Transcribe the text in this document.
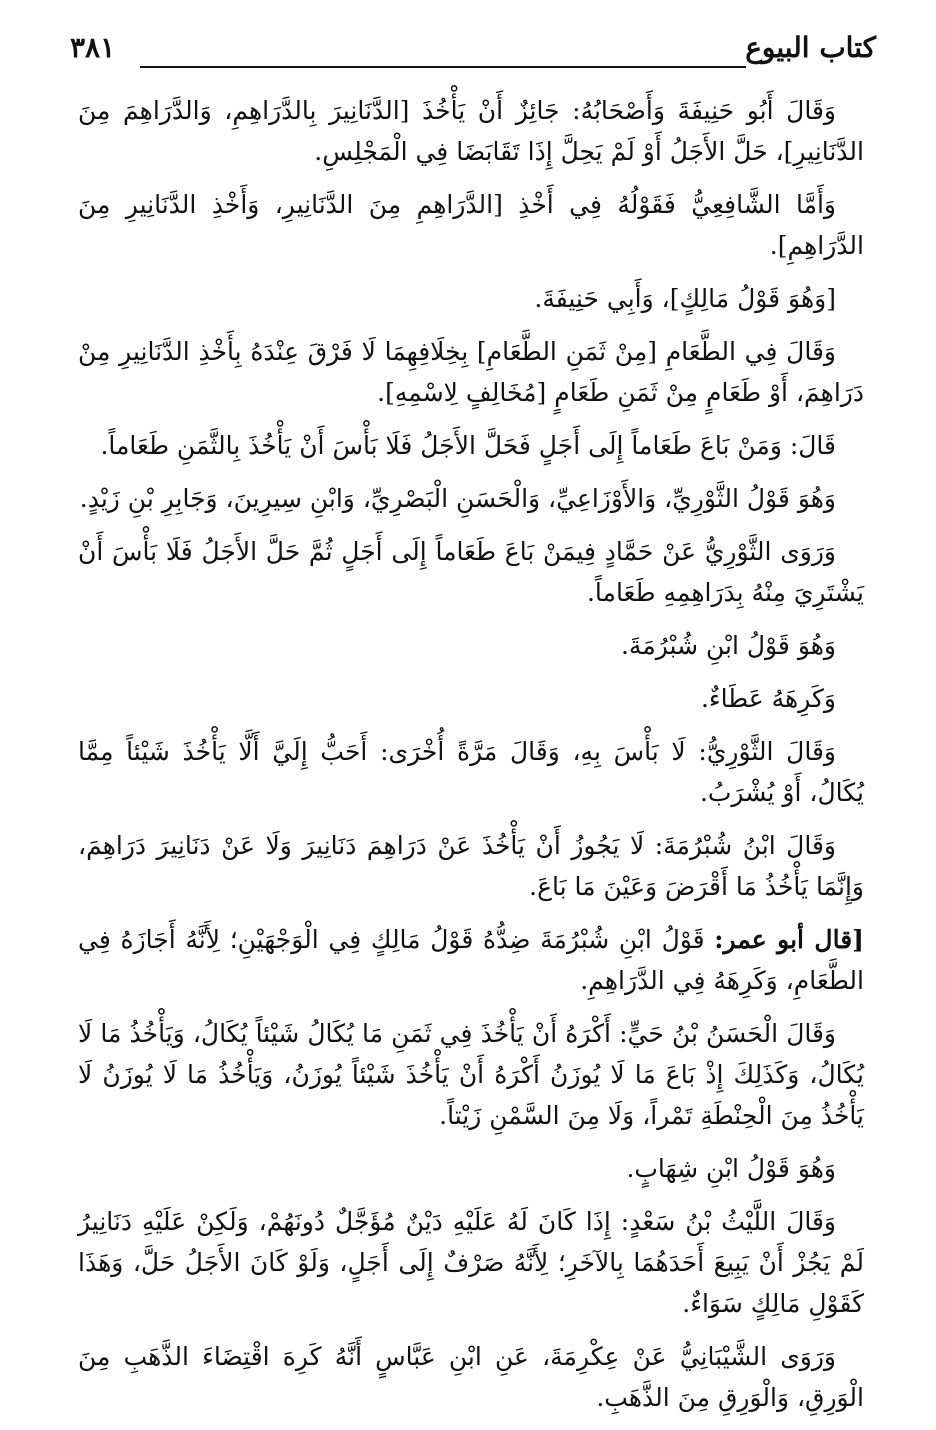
كتاب البيوع
٣٨١

وَقَالَ أَبُو حَنِيفَةَ وَأَصْحَابُهُ: جَائِزٌ أَنْ يَأْخُذَ [الدَّنَانِيرَ بِالدَّرَاهِمِ، وَالدَّرَاهِمَ مِنَ الدَّنَانِيرِ]، حَلَّ الأَجَلُ أَوْ لَمْ يَحِلَّ إِذَا تَقَابَضَا فِي الْمَجْلِسِ.

وَأَمَّا الشَّافِعِيُّ فَقَوْلُهُ فِي أَخْذِ [الدَّرَاهِمِ مِنَ الدَّنَانِيرِ، وَأَخْذِ الدَّنَانِيرِ مِنَ الدَّرَاهِمِ].

[وَهُوَ قَوْلُ مَالِكٍ]، وَأَبِي حَنِيفَةَ.

وَقَالَ فِي الطَّعَامِ [مِنْ ثَمَنِ الطَّعَامِ] بِخِلَافِهِمَا لَا فَرْقَ عِنْدَهُ بِأَخْذِ الدَّنَانِيرِ مِنْ دَرَاهِمَ، أَوْ طَعَامٍ مِنْ ثَمَنِ طَعَامٍ [مُخَالِفٍ لِاسْمِهِ].

قَالَ: وَمَنْ بَاعَ طَعَاماً إِلَى أَجَلٍ فَحَلَّ الأَجَلُ فَلَا بَأْسَ أَنْ يَأْخُذَ بِالثَّمَنِ طَعَاماً.

وَهُوَ قَوْلُ الثَّوْرِيِّ، وَالأَوْزَاعِيِّ، وَالْحَسَنِ الْبَصْرِيِّ، وَابْنِ سِيرِينَ، وَجَابِرِ بْنِ زَيْدٍ.

وَرَوَى الثَّوْرِيُّ عَنْ حَمَّادٍ فِيمَنْ بَاعَ طَعَاماً إِلَى أَجَلٍ ثُمَّ حَلَّ الأَجَلُ فَلَا بَأْسَ أَنْ يَشْتَرِيَ مِنْهُ بِدَرَاهِمِهِ طَعَاماً.

وَهُوَ قَوْلُ ابْنِ شُبْرُمَةَ.

وَكَرِهَهُ عَطَاءٌ.

وَقَالَ الثَّوْرِيُّ: لَا بَأْسَ بِهِ، وَقَالَ مَرَّةً أُخْرَى: أَحَبُّ إِلَيَّ أَلَّا يَأْخُذَ شَيْئاً مِمَّا يُكَالُ، أَوْ يُشْرَبُ.

وَقَالَ ابْنُ شُبْرُمَةَ: لَا يَجُوزُ أَنْ يَأْخُذَ عَنْ دَرَاهِمَ دَنَانِيرَ وَلَا عَنْ دَنَانِيرَ دَرَاهِمَ، وَإِنَّمَا يَأْخُذُ مَا أَقْرَضَ وَعَيْنَ مَا بَاعَ.

[قال أبو عمر: قَوْلُ ابْنِ شُبْرُمَةَ ضِدُّهُ قَوْلُ مَالِكٍ فِي الْوَجْهَيْنِ؛ لِأَنَّهُ أَجَازَهُ فِي الطَّعَامِ، وَكَرِهَهُ فِي الدَّرَاهِمِ.

وَقَالَ الْحَسَنُ بْنُ حَيٍّ: أَكْرَهُ أَنْ يَأْخُذَ فِي ثَمَنِ مَا يُكَالُ شَيْئاً يُكَالُ، وَيَأْخُذُ مَا لَا يُكَالُ، وَكَذَلِكَ إِذْ بَاعَ مَا لَا يُوزَنُ أَكْرَهُ أَنْ يَأْخُذَ شَيْئاً يُوزَنُ، وَيَأْخُذُ مَا لَا يُوزَنُ لَا يَأْخُذُ مِنَ الْحِنْطَةِ تَمْراً، وَلَا مِنَ السَّمْنِ زَيْتاً.

وَهُوَ قَوْلُ ابْنِ شِهَابٍ.

وَقَالَ اللَّيْثُ بْنُ سَعْدٍ: إِذَا كَانَ لَهُ عَلَيْهِ دَيْنٌ مُؤَجَّلٌ دُونَهُمْ، وَلَكِنْ عَلَيْهِ دَنَانِيرُ لَمْ يَجُزْ أَنْ يَبِيعَ أَحَدَهُمَا بِالآخَرِ؛ لِأَنَّهُ صَرْفٌ إِلَى أَجَلٍ، وَلَوْ كَانَ الأَجَلُ حَلَّ، وَهَذَا كَقَوْلِ مَالِكٍ سَوَاءٌ.

وَرَوَى الشَّيْبَانِيُّ عَنْ عِكْرِمَةَ، عَنِ ابْنِ عَبَّاسٍ أَنَّهُ كَرِهَ اقْتِضَاءَ الذَّهَبِ مِنَ الْوَرِقِ، وَالْوَرِقِ مِنَ الذَّهَبِ.
